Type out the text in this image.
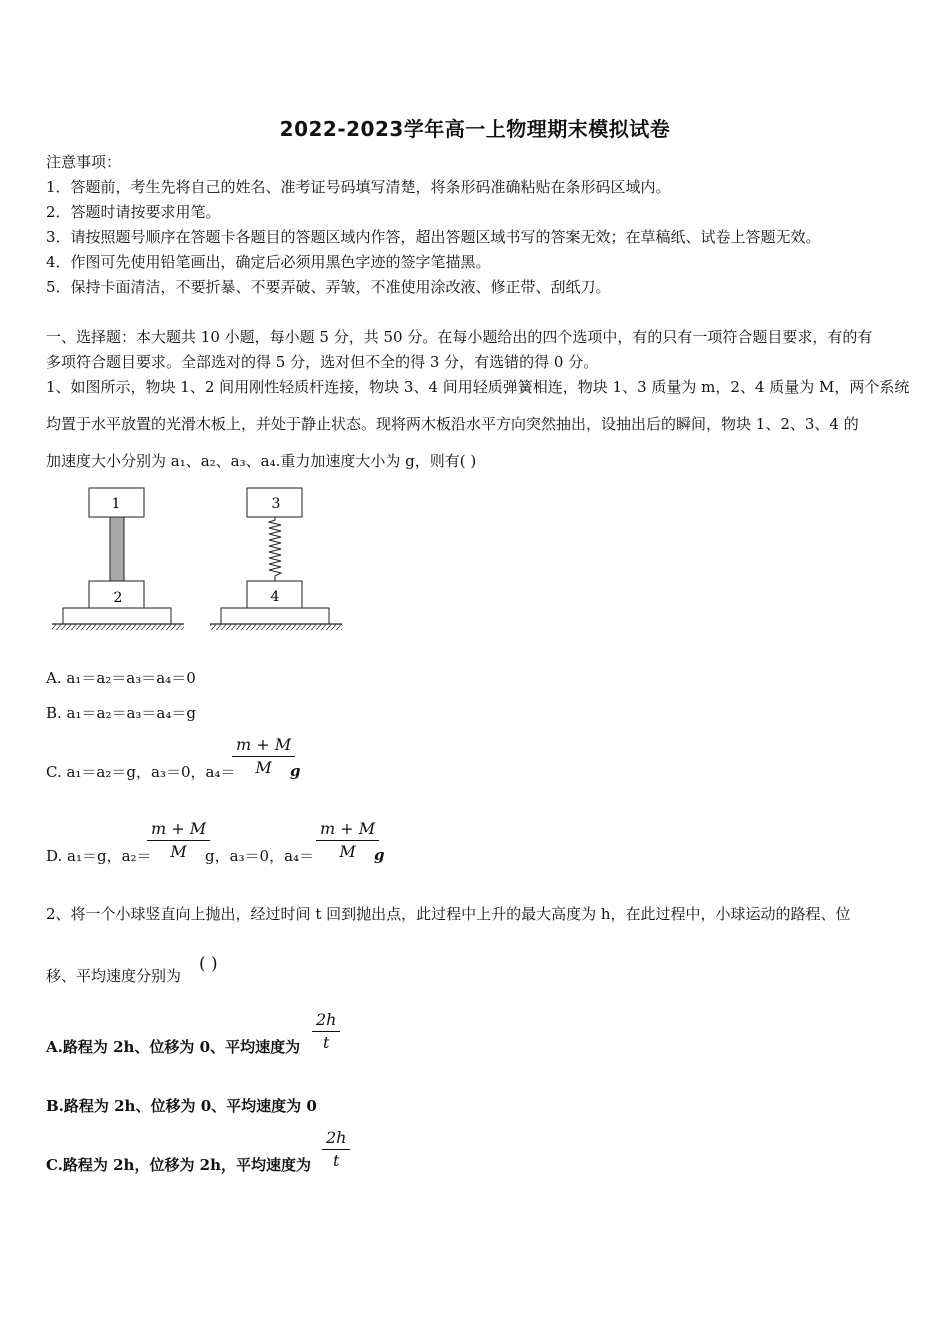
2022-2023学年高一上物理期末模拟试卷
注意事项：
1．答题前，考生先将自己的姓名、准考证号码填写清楚，将条形码准确粘贴在条形码区域内。
2．答题时请按要求用笔。
3．请按照题号顺序在答题卡各题目的答题区域内作答，超出答题区域书写的答案无效；在草稿纸、试卷上答题无效。
4．作图可先使用铅笔画出，确定后必须用黑色字迹的签字笔描黑。
5．保持卡面清洁，不要折暴、不要弄破、弄皱，不准使用涂改液、修正带、刮纸刀。
一、选择题：本大题共 10 小题，每小题 5 分，共 50 分。在每小题给出的四个选项中，有的只有一项符合题目要求，有的有
多项符合题目要求。全部选对的得 5 分，选对但不全的得 3 分，有选错的得 0 分。
1、如图所示，物块 1、2 间用刚性轻质杆连接，物块 3、4 间用轻质弹簧相连，物块 1、3 质量为 m，2、4 质量为 M，两个系统
均置于水平放置的光滑木板上，并处于静止状态。现将两木板沿水平方向突然抽出，设抽出后的瞬间，物块 1、2、3、4 的
加速度大小分别为 a₁、a₂、a₃、a₄.重力加速度大小为 g，则有( )
1
2
3
4
A. a₁＝a₂＝a₃＝a₄＝0
B. a₁＝a₂＝a₃＝a₄＝g
C. a₁＝a₂＝g，a₃＝0，a₄＝
$\frac{m + M}{M}$
g
D. a₁＝g，a₂＝
$\frac{m + M}{M}$
g，a₃＝0，$a_4= \frac{m + M}{M}$
g
2、将一个小球竖直向上抛出，经过时间 t 回到抛出点，此过程中上升的最大高度为 h，在此过程中，小球运动的路程、位
移、平均速度分别为
( )
A.路程为 2h、位移为 0、平均速度为 $\frac{2h}{t}$
B.路程为 2h、位移为 0、平均速度为 0
C.路程为 2h，位移为 2h，平均速度为 $\frac{2h}{t}$
